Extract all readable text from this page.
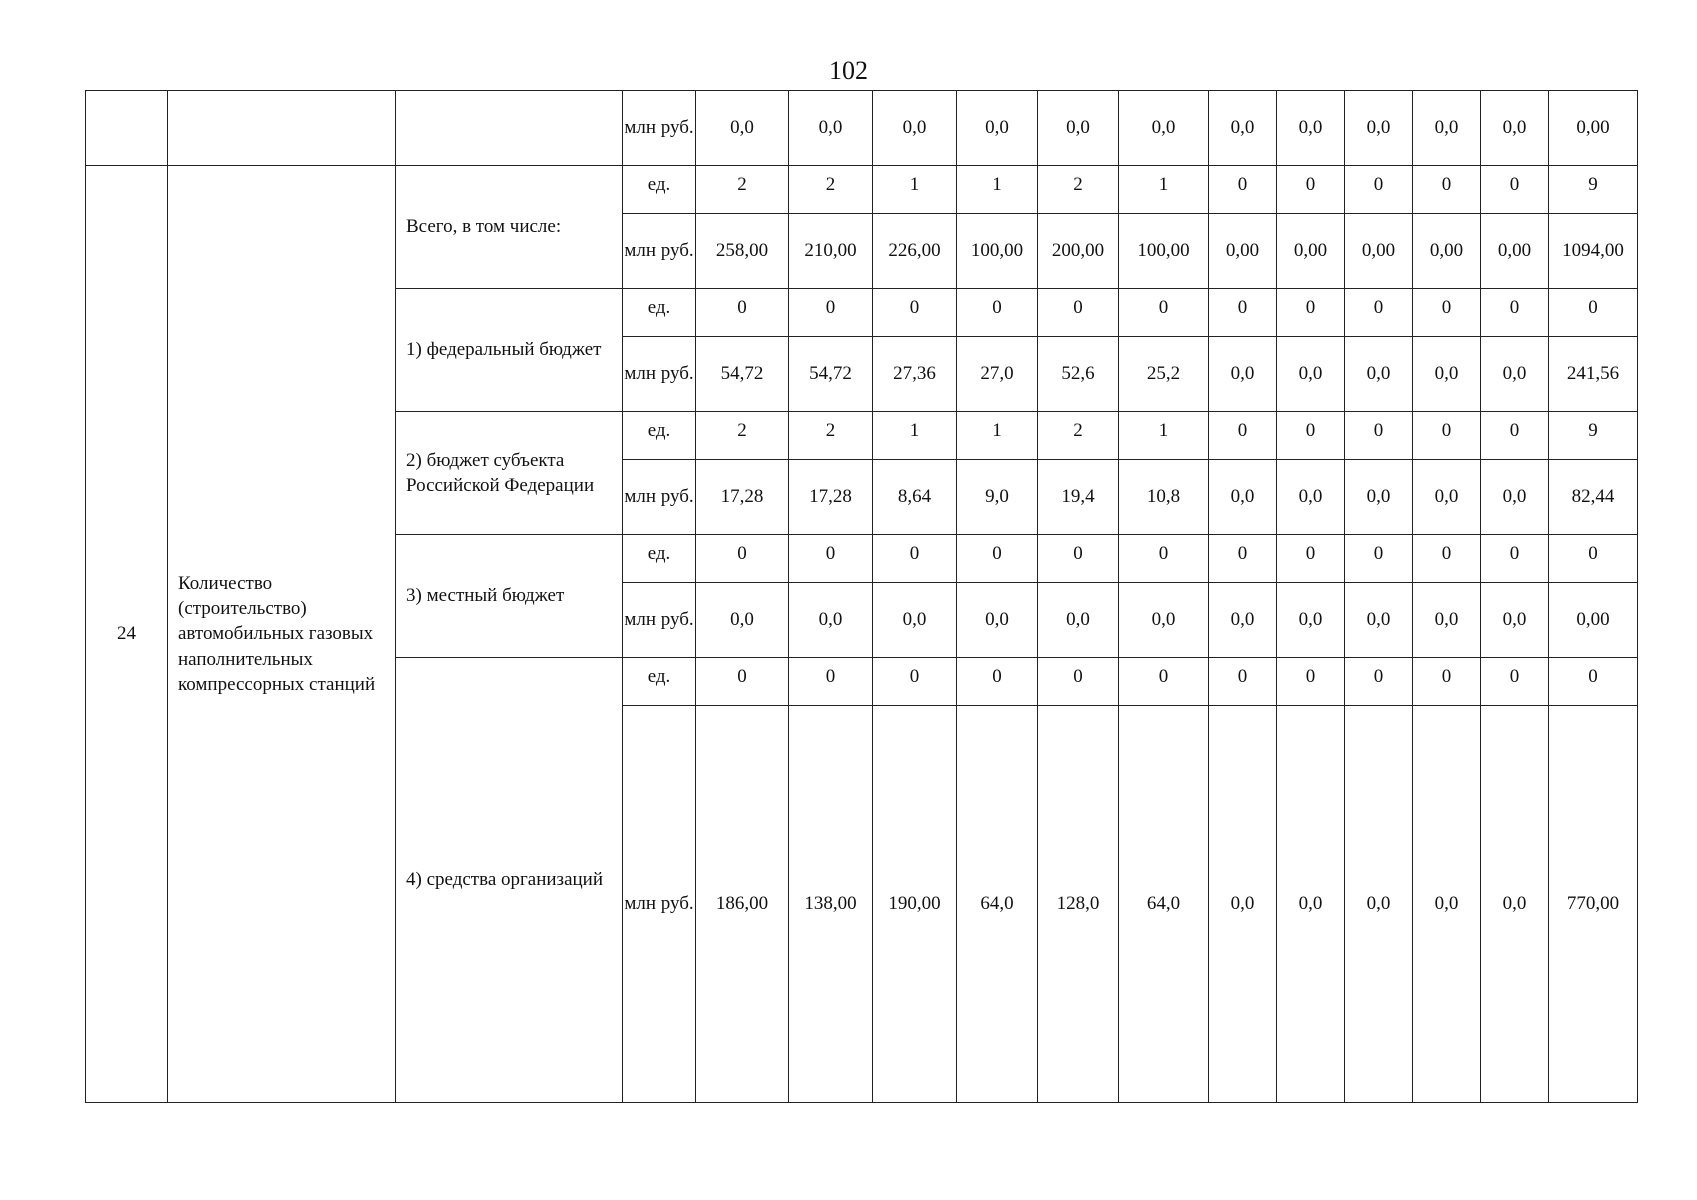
102
			млн руб.	0,0	0,0	0,0	0,0	0,0	0,0	0,0	0,0	0,0	0,0	0,0	0,00
24	Количество (строительство) автомобильных газовых наполнительных компрессорных станций	Всего, в том числе:	ед.	2	2	1	1	2	1	0	0	0	0	0	9
			млн руб.	258,00	210,00	226,00	100,00	200,00	100,00	0,00	0,00	0,00	0,00	0,00	1094,00
		1) федеральный бюджет	ед.	0	0	0	0	0	0	0	0	0	0	0	0
			млн руб.	54,72	54,72	27,36	27,0	52,6	25,2	0,0	0,0	0,0	0,0	0,0	241,56
		2) бюджет субъекта Российской Федерации	ед.	2	2	1	1	2	1	0	0	0	0	0	9
			млн руб.	17,28	17,28	8,64	9,0	19,4	10,8	0,0	0,0	0,0	0,0	0,0	82,44
		3) местный бюджет	ед.	0	0	0	0	0	0	0	0	0	0	0	0
			млн руб.	0,0	0,0	0,0	0,0	0,0	0,0	0,0	0,0	0,0	0,0	0,0	0,00
		4) средства организаций	ед.	0	0	0	0	0	0	0	0	0	0	0	0
			млн руб.	186,00	138,00	190,00	64,0	128,0	64,0	0,0	0,0	0,0	0,0	0,0	770,00
